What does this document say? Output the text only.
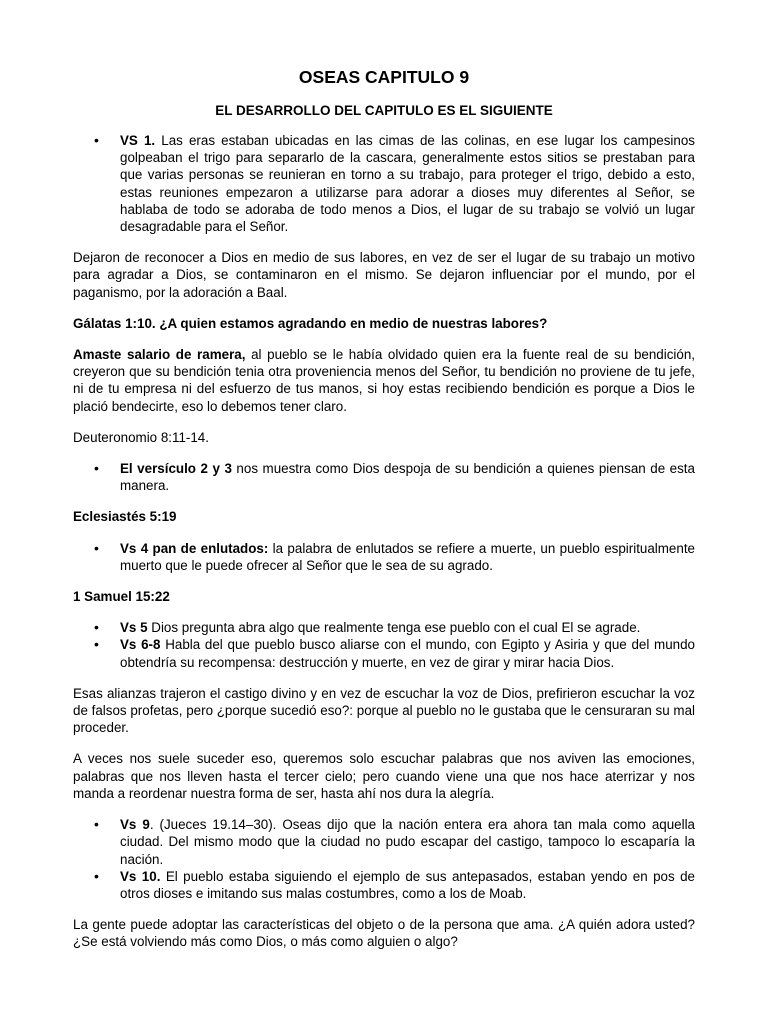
OSEAS CAPITULO 9
EL DESARROLLO DEL CAPITULO ES EL SIGUIENTE
• VS 1. Las eras estaban ubicadas en las cimas de las colinas, en ese lugar los campesinos golpeaban el trigo para separarlo de la cascara, generalmente estos sitios se prestaban para que varias personas se reunieran en torno a su trabajo, para proteger el trigo, debido a esto, estas reuniones empezaron a utilizarse para adorar a dioses muy diferentes al Señor, se hablaba de todo se adoraba de todo menos a Dios, el lugar de su trabajo se volvió un lugar desagradable para el Señor.

Dejaron de reconocer a Dios en medio de sus labores, en vez de ser el lugar de su trabajo un motivo para agradar a Dios, se contaminaron en el mismo. Se dejaron influenciar por el mundo, por el paganismo, por la adoración a Baal.

Gálatas 1:10. ¿A quien estamos agradando en medio de nuestras labores?

Amaste salario de ramera, al pueblo se le había olvidado quien era la fuente real de su bendición, creyeron que su bendición tenia otra proveniencia menos del Señor, tu bendición no proviene de tu jefe, ni de tu empresa ni del esfuerzo de tus manos, si hoy estas recibiendo bendición es porque a Dios le plació bendecirte, eso lo debemos tener claro.

Deuteronomio 8:11-14.

• El versículo 2 y 3 nos muestra como Dios despoja de su bendición a quienes piensan de esta manera.

Eclesiastés 5:19

• Vs 4 pan de enlutados: la palabra de enlutados se refiere a muerte, un pueblo espiritualmente muerto que le puede ofrecer al Señor que le sea de su agrado.

1 Samuel 15:22

• Vs 5 Dios pregunta abra algo que realmente tenga ese pueblo con el cual El se agrade.
• Vs 6-8 Habla del que pueblo busco aliarse con el mundo, con Egipto y Asiria y que del mundo obtendría su recompensa: destrucción y muerte, en vez de girar y mirar hacia Dios.

Esas alianzas trajeron el castigo divino y en vez de escuchar la voz de Dios, prefirieron escuchar la voz de falsos profetas, pero ¿porque sucedió eso?: porque al pueblo no le gustaba que le censuraran su mal proceder.

A veces nos suele suceder eso, queremos solo escuchar palabras que nos aviven las emociones, palabras que nos lleven hasta el tercer cielo; pero cuando viene una que nos hace aterrizar y nos manda a reordenar nuestra forma de ser, hasta ahí nos dura la alegría.

• Vs 9. (Jueces 19.14–30). Oseas dijo que la nación entera era ahora tan mala como aquella ciudad. Del mismo modo que la ciudad no pudo escapar del castigo, tampoco lo escaparía la nación.
• Vs 10. El pueblo estaba siguiendo el ejemplo de sus antepasados, estaban yendo en pos de otros dioses e imitando sus malas costumbres, como a los de Moab.

La gente puede adoptar las características del objeto o de la persona que ama. ¿A quién adora usted? ¿Se está volviendo más como Dios, o más como alguien o algo?
